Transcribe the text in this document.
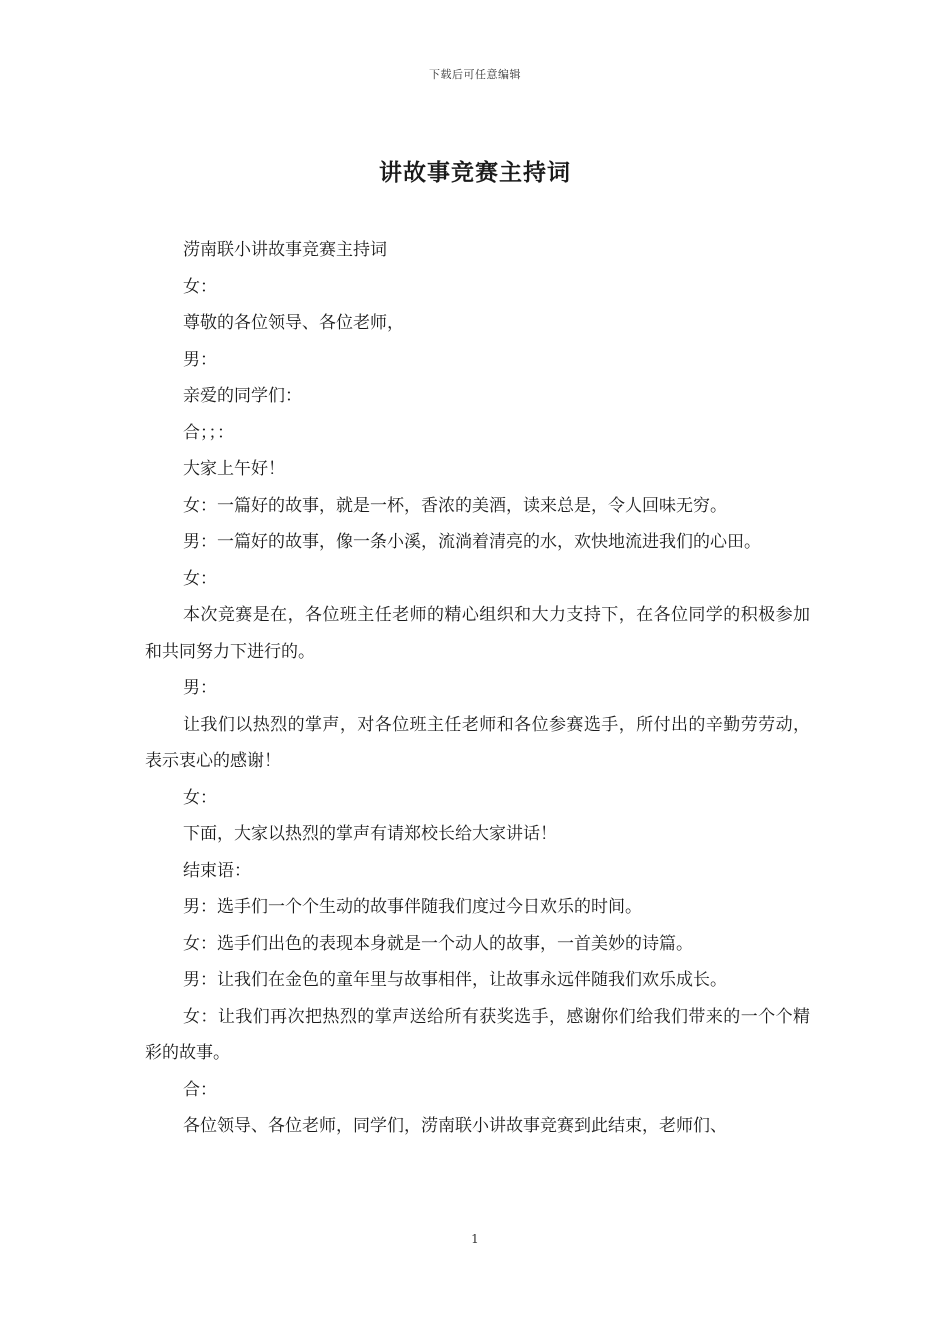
下载后可任意编辑
讲故事竞赛主持词

涝南联小讲故事竞赛主持词

女：

尊敬的各位领导、各位老师，

男：

亲爱的同学们：

合；；：

大家上午好！

女：一篇好的故事，就是一杯，香浓的美酒，读来总是，令人回味无穷。

男：一篇好的故事，像一条小溪，流淌着清亮的水，欢快地流进我们的心田。

女：

本次竞赛是在，各位班主任老师的精心组织和大力支持下，在各位同学的积极参加和共同努力下进行的。

男：

让我们以热烈的掌声，对各位班主任老师和各位参赛选手，所付出的辛勤劳劳动，表示衷心的感谢！

女：

下面，大家以热烈的掌声有请郑校长给大家讲话！

结束语：

男：选手们一个个生动的故事伴随我们度过今日欢乐的时间。

女：选手们出色的表现本身就是一个动人的故事，一首美妙的诗篇。

男：让我们在金色的童年里与故事相伴，让故事永远伴随我们欢乐成长。

女：让我们再次把热烈的掌声送给所有获奖选手，感谢你们给我们带来的一个个精彩的故事。

合：

各位领导、各位老师，同学们，涝南联小讲故事竞赛到此结束，老师们、

1
